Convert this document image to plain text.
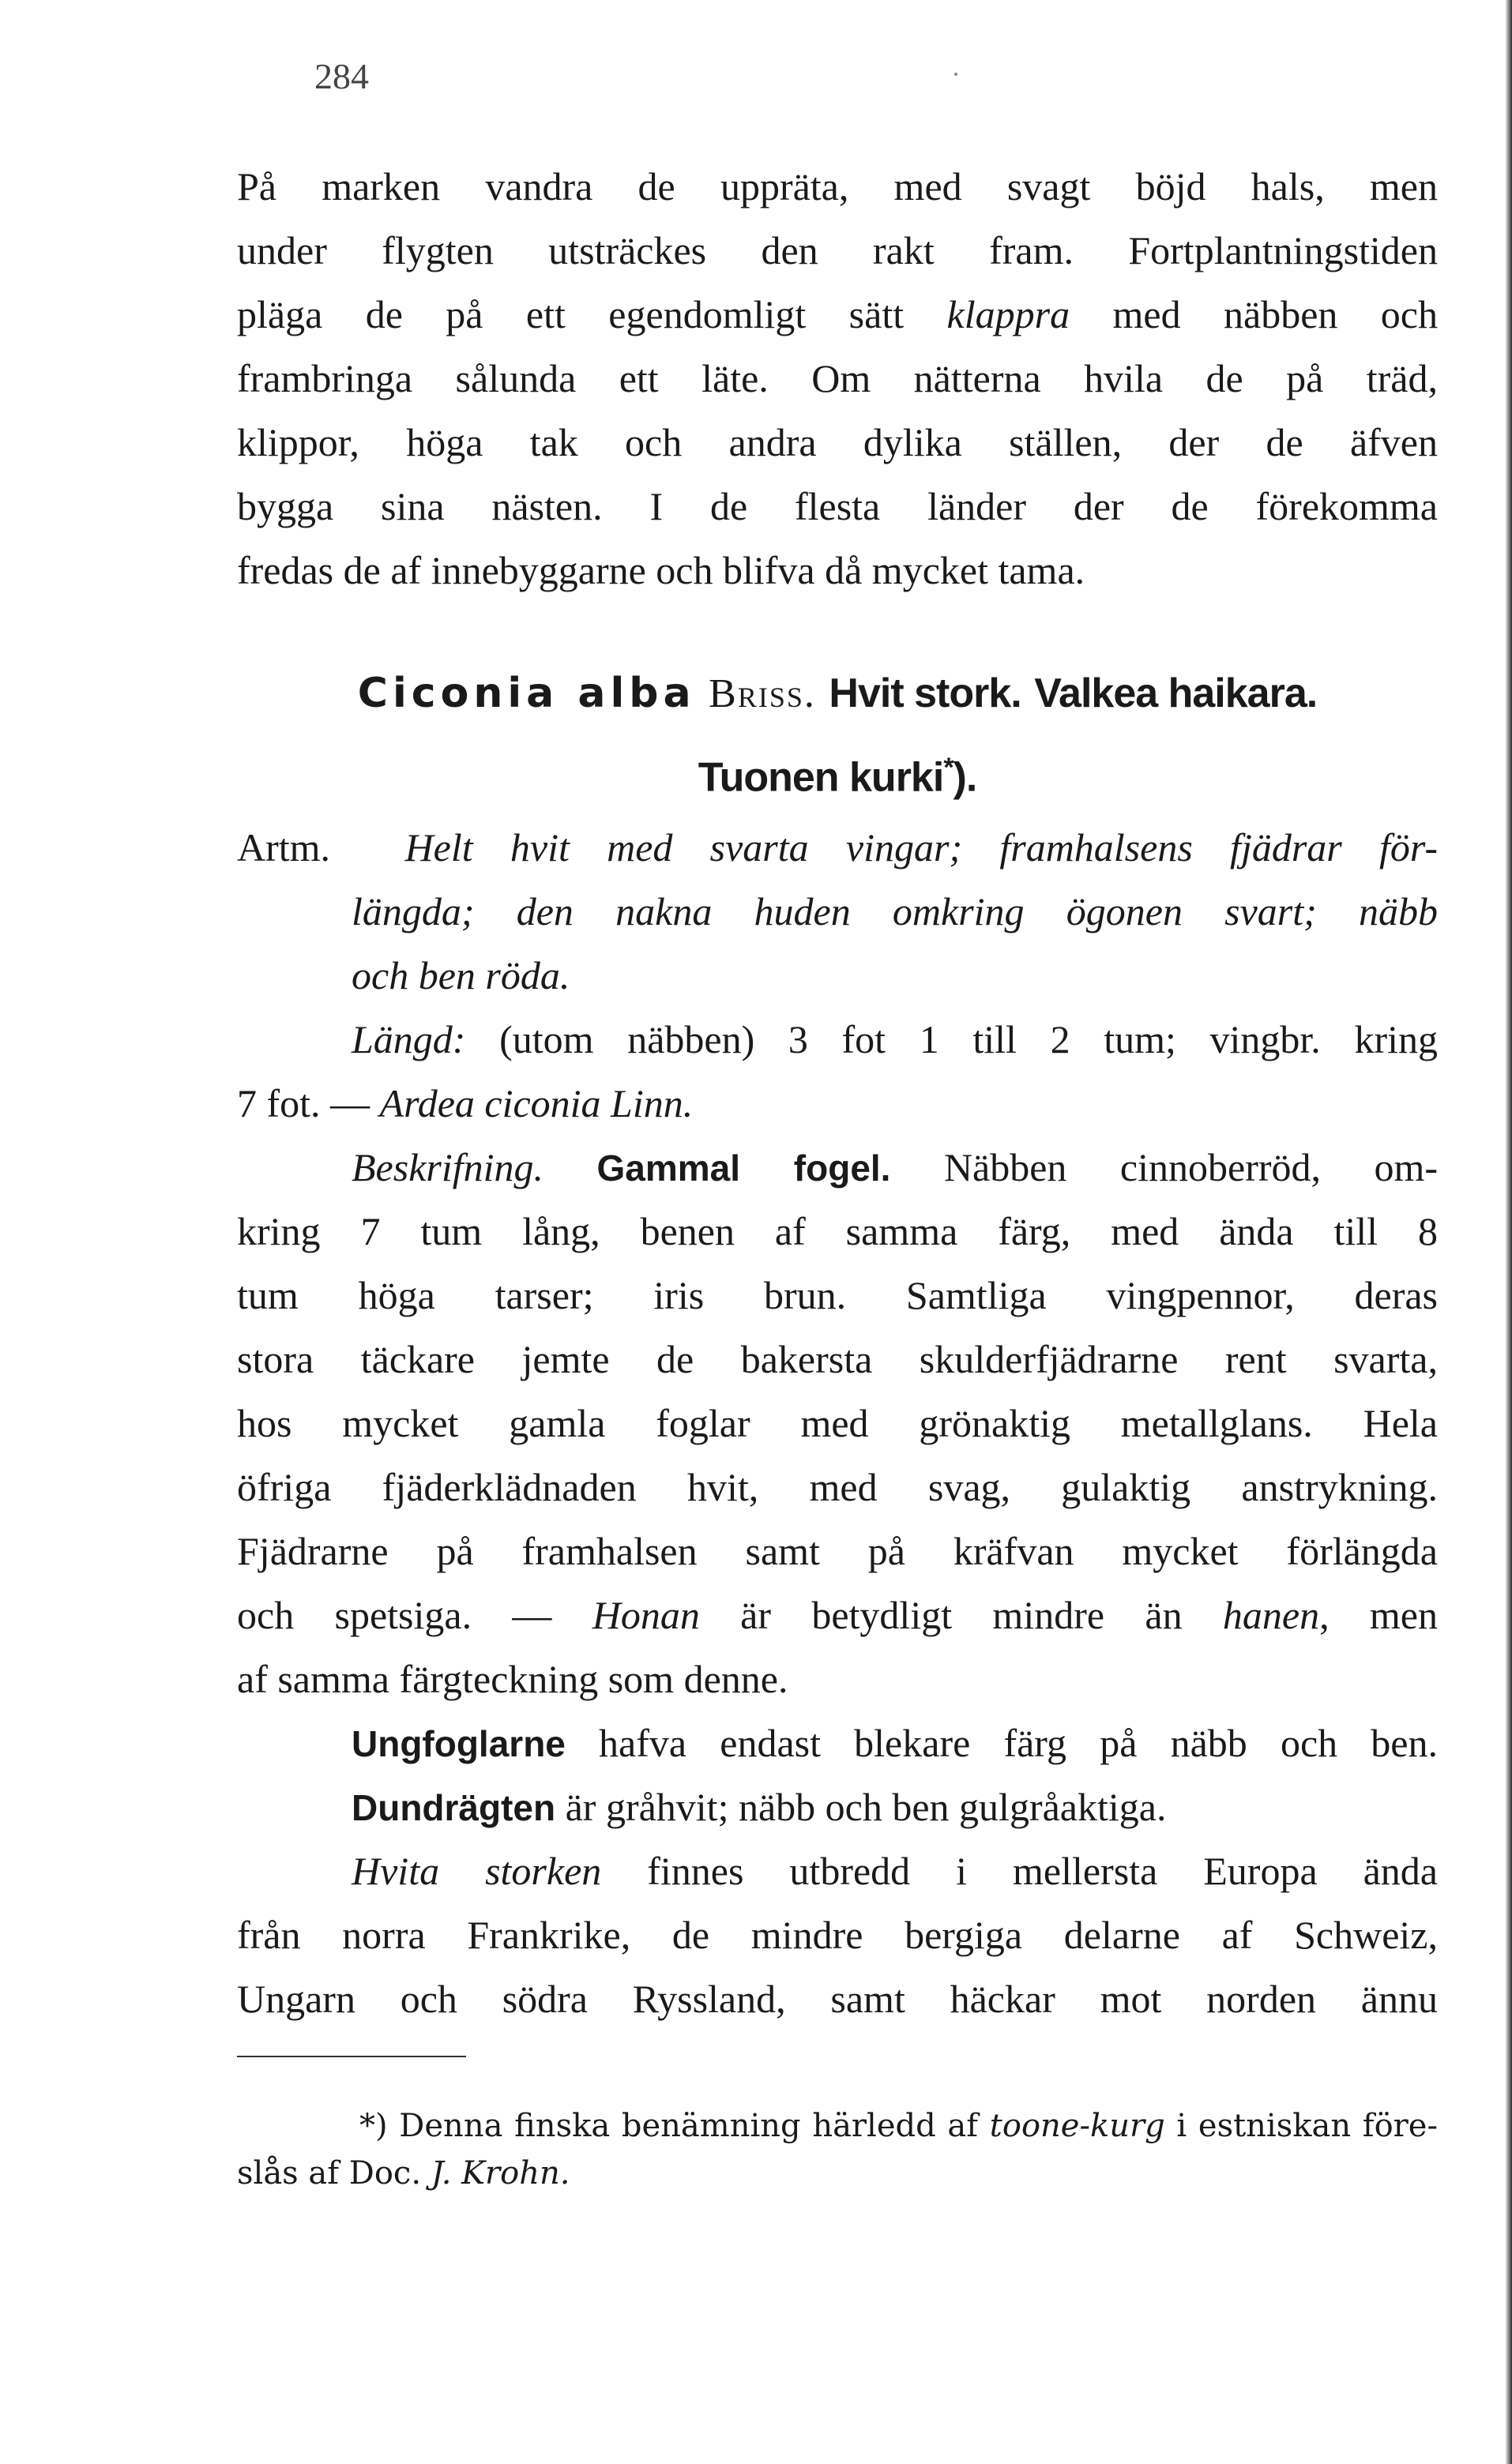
284
På marken vandra de uppräta, med svagt böjd hals, men
under flygten utsträckes den rakt fram. Fortplantningstiden
pläga de på ett egendomligt sätt klappra med näbben och
frambringa sålunda ett läte. Om nätterna hvila de på träd,
klippor, höga tak och andra dylika ställen, der de äfven
bygga sina nästen. I de flesta länder der de förekomma
fredas de af innebyggarne och blifva då mycket tama.
Ciconia alba Briss. Hvit stork. Valkea haikara.
Tuonen kurki*).
Artm. Helt hvit med svarta vingar; framhalsens fjädrar för-
längda; den nakna huden omkring ögonen svart; näbb
och ben röda.
Längd: (utom näbben) 3 fot 1 till 2 tum; vingbr. kring
7 fot. — Ardea ciconia Linn.
Beskrifning. Gammal fogel. Näbben cinnoberröd, om-
kring 7 tum lång, benen af samma färg, med ända till 8
tum höga tarser; iris brun. Samtliga vingpennor, deras
stora täckare jemte de bakersta skulderfjädrarne rent svarta,
hos mycket gamla foglar med grönaktig metallglans. Hela
öfriga fjäderklädnaden hvit, med svag, gulaktig anstrykning.
Fjädrarne på framhalsen samt på kräfvan mycket förlängda
och spetsiga. — Honan är betydligt mindre än hanen, men
af samma färgteckning som denne.
Ungfoglarne hafva endast blekare färg på näbb och ben.
Dundrägten är gråhvit; näbb och ben gulgråaktiga.
Hvita storken finnes utbredd i mellersta Europa ända
från norra Frankrike, de mindre bergiga delarne af Schweiz,
Ungarn och södra Ryssland, samt häckar mot norden ännu
*) Denna finska benämning härledd af toone-kurg i estniskan före-
slås af Doc. J. Krohn.
